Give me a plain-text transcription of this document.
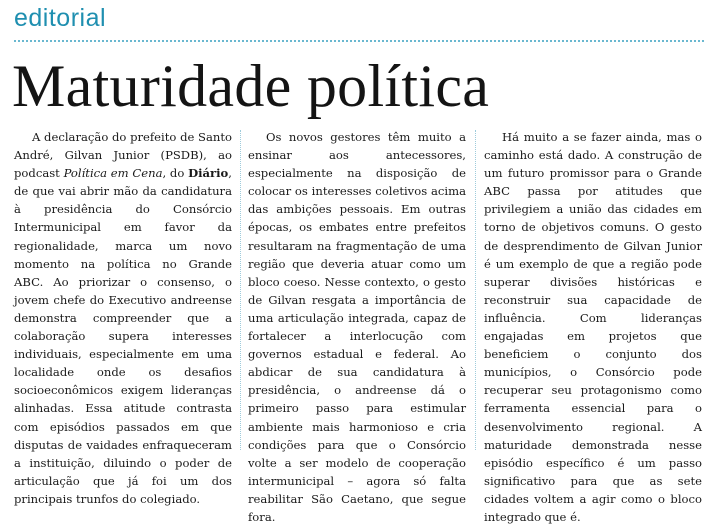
editorial
Maturidade política

A declaração do prefeito de Santo André, Gilvan Junior (PSDB), ao podcast Política em Cena, do Diário, de que vai abrir mão da candidatura à presidência do Consórcio Intermunicipal em favor da regionalidade, marca um novo momento na política no Grande ABC. Ao priorizar o consenso, o jovem chefe do Executivo andreense demonstra compreender que a colaboração supera interesses individuais, especialmente em uma localidade onde os desafios socioeconômicos exigem lideranças alinhadas. Essa atitude contrasta com episódios passados em que disputas de vaidades enfraqueceram a instituição, diluindo o poder de articulação que já foi um dos principais trunfos do colegiado.

Os novos gestores têm muito a ensinar aos antecessores, especialmente na disposição de colocar os interesses coletivos acima das ambições pessoais. Em outras épocas, os embates entre prefeitos resultaram na fragmentação de uma região que deveria atuar como um bloco coeso. Nesse contexto, o gesto de Gilvan resgata a importância de uma articulação integrada, capaz de fortalecer a interlocução com governos estadual e federal. Ao abdicar de sua candidatura à presidência, o andreense dá o primeiro passo para estimular ambiente mais harmonioso e cria condições para que o Consórcio volte a ser modelo de cooperação intermunicipal – agora só falta reabilitar São Caetano, que segue fora.

Há muito a se fazer ainda, mas o caminho está dado. A construção de um futuro promissor para o Grande ABC passa por atitudes que privilegiem a união das cidades em torno de objetivos comuns. O gesto de desprendimento de Gilvan Junior é um exemplo de que a região pode superar divisões históricas e reconstruir sua capacidade de influência. Com lideranças engajadas em projetos que beneficiem o conjunto dos municípios, o Consórcio pode recuperar seu protagonismo como ferramenta essencial para o desenvolvimento regional. A maturidade demonstrada nesse episódio específico é um passo significativo para que as sete cidades voltem a agir como o bloco integrado que é.
